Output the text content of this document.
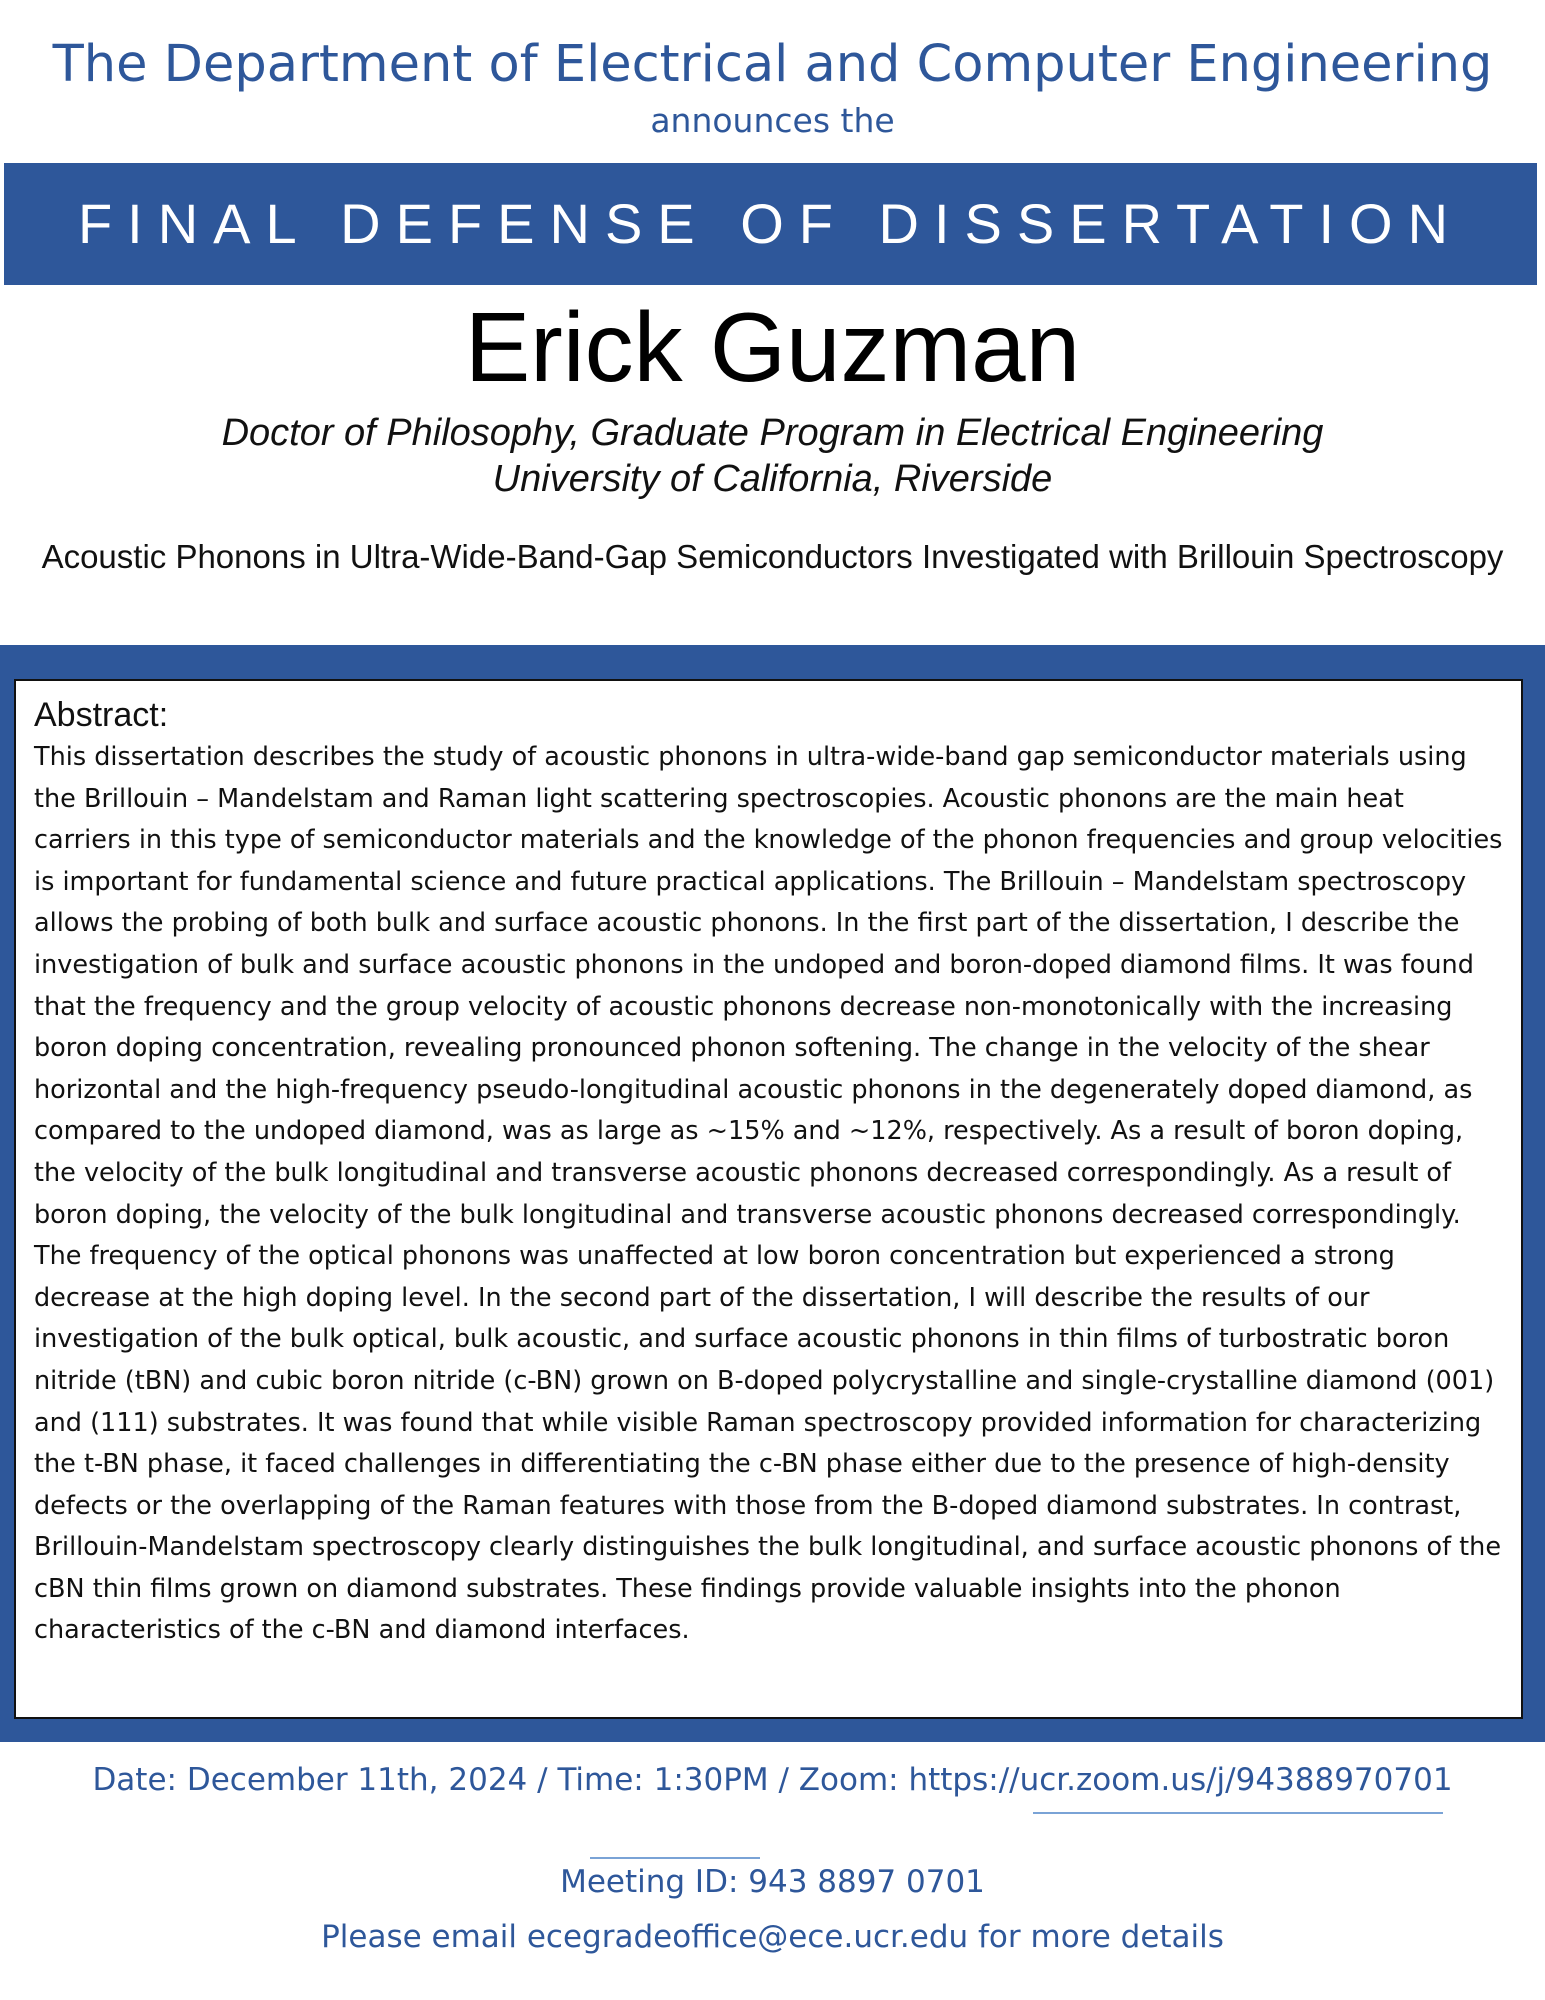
The Department of Electrical and Computer Engineering
announces the
FINAL DEFENSE OF DISSERTATION
Erick Guzman
Doctor of Philosophy, Graduate Program in Electrical Engineering
University of California, Riverside
Acoustic Phonons in Ultra-Wide-Band-Gap Semiconductors Investigated with Brillouin Spectroscopy

Abstract:

This dissertation describes the study of acoustic phonons in ultra-wide-band gap semiconductor materials using the Brillouin – Mandelstam and Raman light scattering spectroscopies. Acoustic phonons are the main heat carriers in this type of semiconductor materials and the knowledge of the phonon frequencies and group velocities is important for fundamental science and future practical applications. The Brillouin – Mandelstam spectroscopy allows the probing of both bulk and surface acoustic phonons. In the first part of the dissertation, I describe the investigation of bulk and surface acoustic phonons in the undoped and boron-doped diamond films. It was found that the frequency and the group velocity of acoustic phonons decrease non-monotonically with the increasing boron doping concentration, revealing pronounced phonon softening. The change in the velocity of the shear horizontal and the high-frequency pseudo-longitudinal acoustic phonons in the degenerately doped diamond, as compared to the undoped diamond, was as large as ~15% and ~12%, respectively. As a result of boron doping, the velocity of the bulk longitudinal and transverse acoustic phonons decreased correspondingly. As a result of boron doping, the velocity of the bulk longitudinal and transverse acoustic phonons decreased correspondingly. The frequency of the optical phonons was unaffected at low boron concentration but experienced a strong decrease at the high doping level. In the second part of the dissertation, I will describe the results of our investigation of the bulk optical, bulk acoustic, and surface acoustic phonons in thin films of turbostratic boron nitride (tBN) and cubic boron nitride (c-BN) grown on B-doped polycrystalline and single-crystalline diamond (001) and (111) substrates. It was found that while visible Raman spectroscopy provided information for characterizing the t-BN phase, it faced challenges in differentiating the c-BN phase either due to the presence of high-density defects or the overlapping of the Raman features with those from the B-doped diamond substrates. In contrast, Brillouin-Mandelstam spectroscopy clearly distinguishes the bulk longitudinal, and surface acoustic phonons of the cBN thin films grown on diamond substrates. These findings provide valuable insights into the phonon characteristics of the c-BN and diamond interfaces.

Date: December 11th, 2024 / Time: 1:30PM / Zoom: https://ucr.zoom.us/j/94388970701
Meeting ID: 943 8897 0701
Please email ecegradeoffice@ece.ucr.edu for more details
